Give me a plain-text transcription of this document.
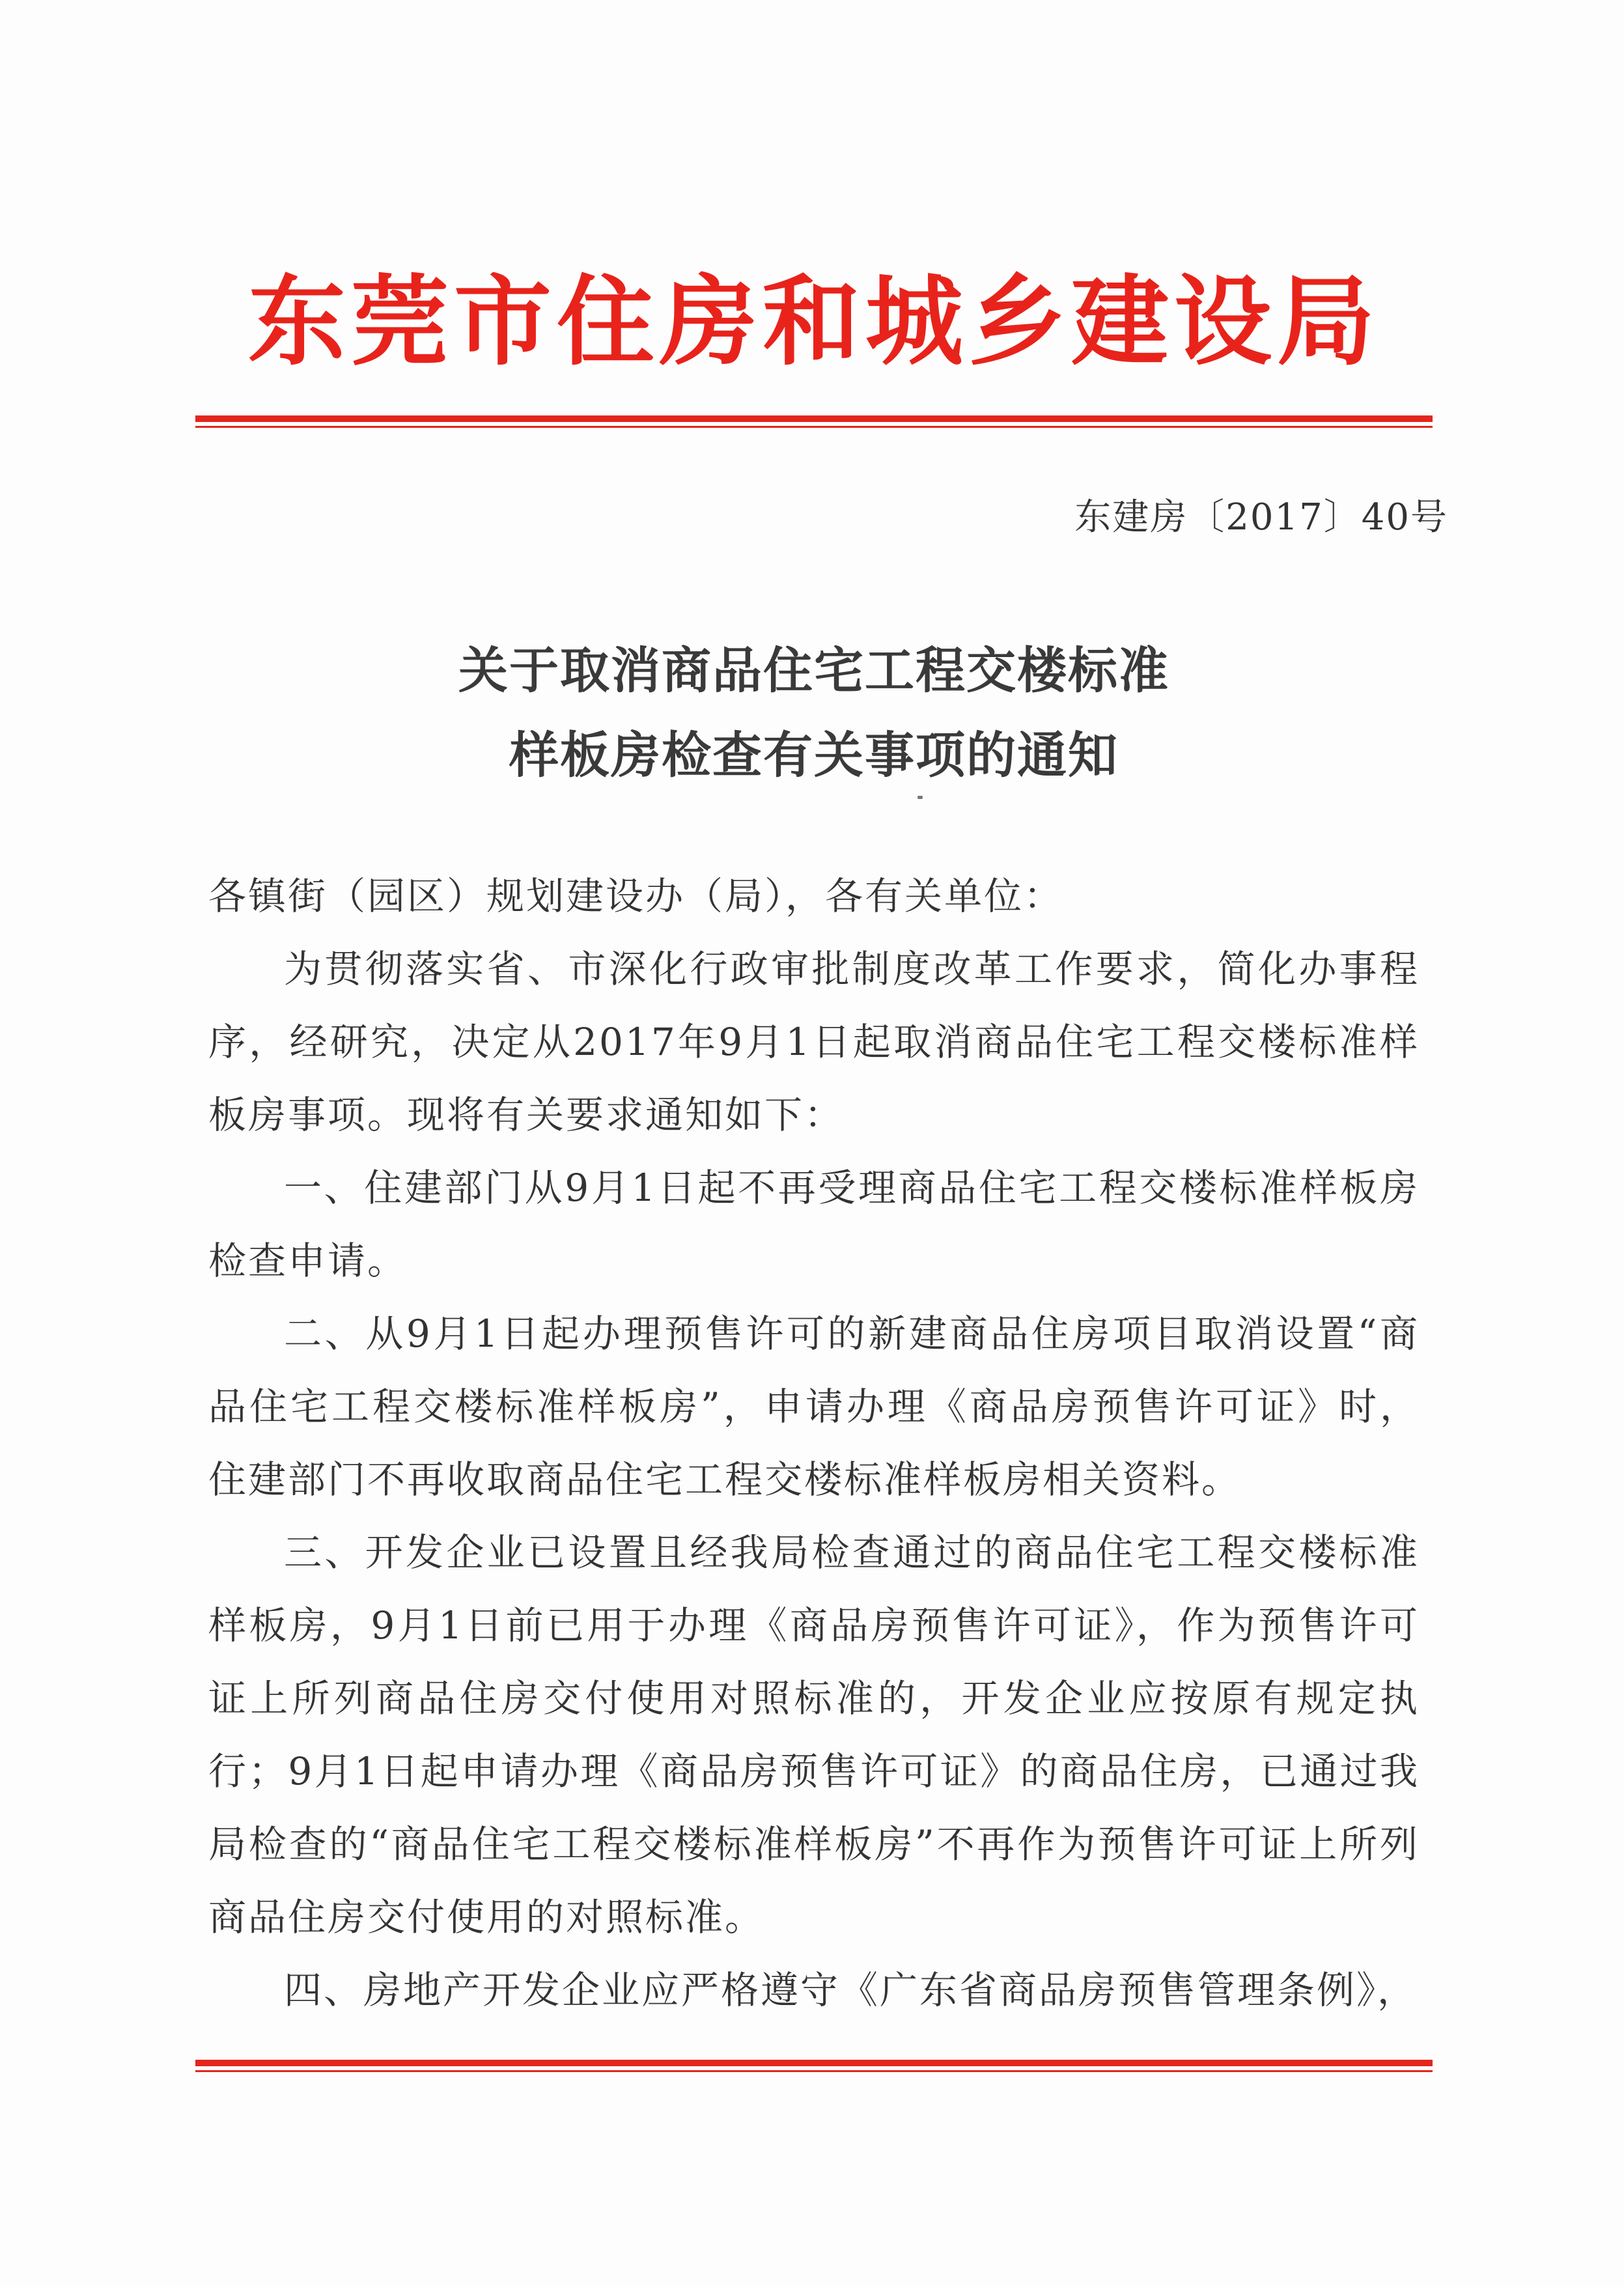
东莞市住房和城乡建设局
东建房〔2017〕40号
关于取消商品住宅工程交楼标准
样板房检查有关事项的通知
各镇街（园区）规划建设办（局），各有关单位：
为贯彻落实省、市深化行政审批制度改革工作要求，简化办事程序，经研究，决定从2017年9月1日起取消商品住宅工程交楼标准样板房事项。现将有关要求通知如下：
一、住建部门从9月1日起不再受理商品住宅工程交楼标准样板房检查申请。
二、从9月1日起办理预售许可的新建商品住房项目取消设置“商品住宅工程交楼标准样板房”，申请办理《商品房预售许可证》时，住建部门不再收取商品住宅工程交楼标准样板房相关资料。
三、开发企业已设置且经我局检查通过的商品住宅工程交楼标准样板房，9月1日前已用于办理《商品房预售许可证》，作为预售许可证上所列商品住房交付使用对照标准的，开发企业应按原有规定执行；9月1日起申请办理《商品房预售许可证》的商品住房，已通过我局检查的“商品住宅工程交楼标准样板房”不再作为预售许可证上所列商品住房交付使用的对照标准。
四、房地产开发企业应严格遵守《广东省商品房预售管理条例》，
